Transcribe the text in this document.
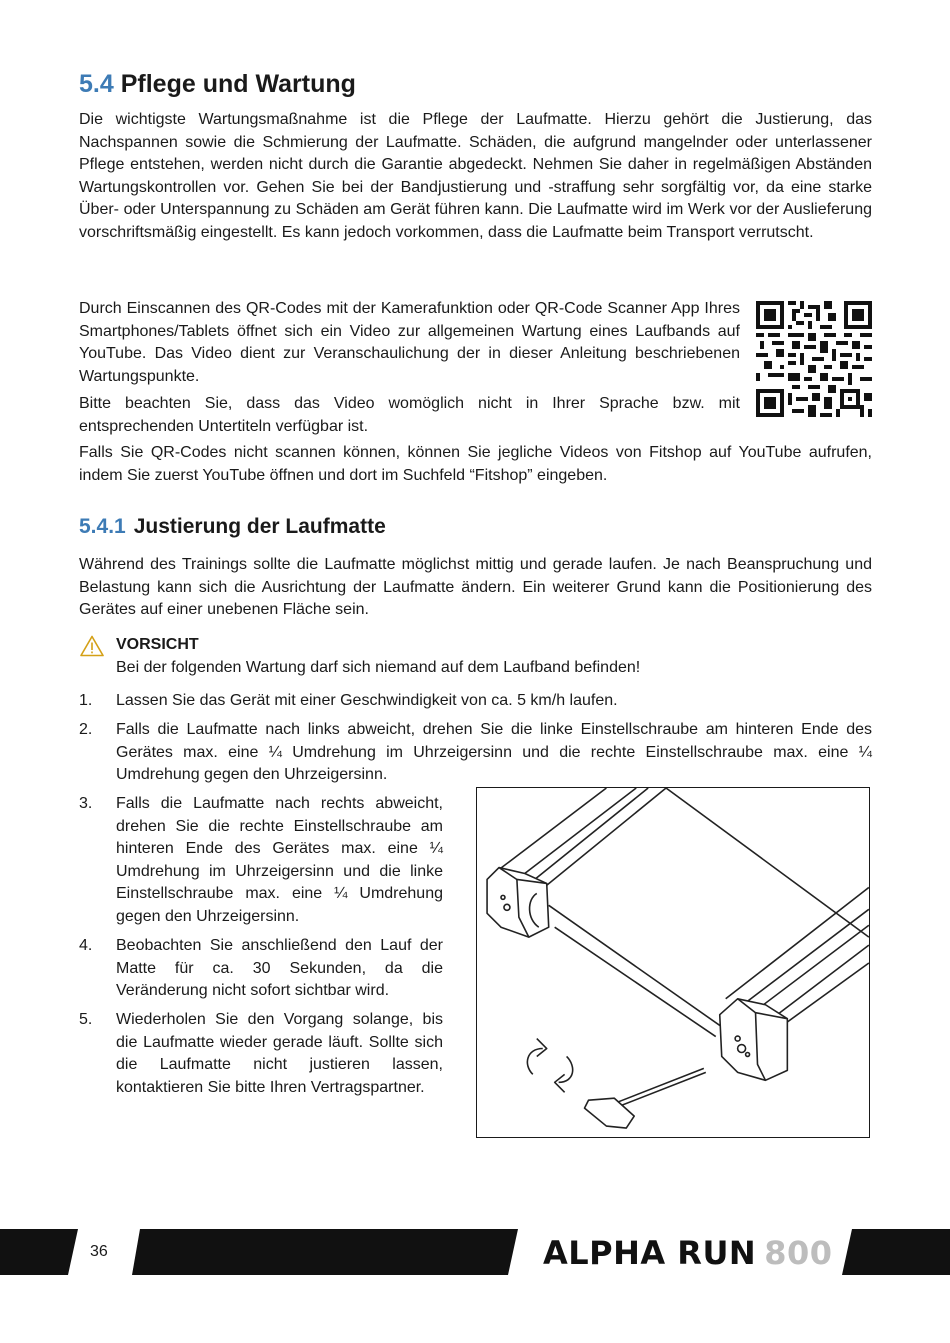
5.4 Pflege und Wartung

Die wichtigste Wartungsmaßnahme ist die Pflege der Laufmatte. Hierzu gehört die Justierung, das Nachspannen sowie die Schmierung der Laufmatte. Schäden, die aufgrund mangelnder oder unterlassener Pflege entstehen, werden nicht durch die Garantie abgedeckt. Nehmen Sie daher in regelmäßigen Abständen Wartungskontrollen vor. Gehen Sie bei der Bandjustierung und -straffung sehr sorgfältig vor, da eine starke Über- oder Unterspannung zu Schäden am Gerät führen kann. Die Laufmatte wird im Werk vor der Auslieferung vorschriftsmäßig eingestellt. Es kann jedoch vorkommen, dass die Laufmatte beim Transport verrutscht.

Durch Einscannen des QR-Codes mit der Kamerafunktion oder QR-Code Scanner App Ihres Smartphones/Tablets öffnet sich ein Video zur allgemeinen Wartung eines Laufbands auf YouTube. Das Video dient zur Veranschaulichung der in dieser Anleitung beschriebenen Wartungspunkte.

Bitte beachten Sie, dass das Video womöglich nicht in Ihrer Sprache bzw. mit entsprechenden Untertiteln verfügbar ist.

Falls Sie QR-Codes nicht scannen können, können Sie jegliche Videos von Fitshop auf YouTube aufrufen, indem Sie zuerst YouTube öffnen und dort im Suchfeld “Fitshop” eingeben.

5.4.1 Justierung der Laufmatte

Während des Trainings sollte die Laufmatte möglichst mittig und gerade laufen. Je nach Beanspruchung und Belastung kann sich die Ausrichtung der Laufmatte ändern. Ein weiterer Grund kann die Positionierung des Gerätes auf einer unebenen Fläche sein.

VORSICHT
Bei der folgenden Wartung darf sich niemand auf dem Laufband befinden!
1. Lassen Sie das Gerät mit einer Geschwindigkeit von ca. 5 km/h laufen.
2. Falls die Laufmatte nach links abweicht, drehen Sie die linke Einstellschraube am hinteren Ende des Gerätes max. eine ¼ Umdrehung im Uhrzeigersinn und die rechte Einstellschraube max. eine ¼ Umdrehung gegen den Uhrzeigersinn.
3. Falls die Laufmatte nach rechts abweicht, drehen Sie die rechte Einstellschraube am hinteren Ende des Gerätes max. eine ¼ Umdrehung im Uhrzeigersinn und die linke Einstellschraube max. eine ¼ Umdrehung gegen den Uhrzeigersinn.
4. Beobachten Sie anschließend den Lauf der Matte für ca. 30 Sekunden, da die Veränderung nicht sofort sichtbar wird.
5. Wiederholen Sie den Vorgang solange, bis die Laufmatte wieder gerade läuft. Sollte sich die Laufmatte nicht justieren lassen, kontaktieren Sie bitte Ihren Vertragspartner.
36	ALPHA RUN 800
